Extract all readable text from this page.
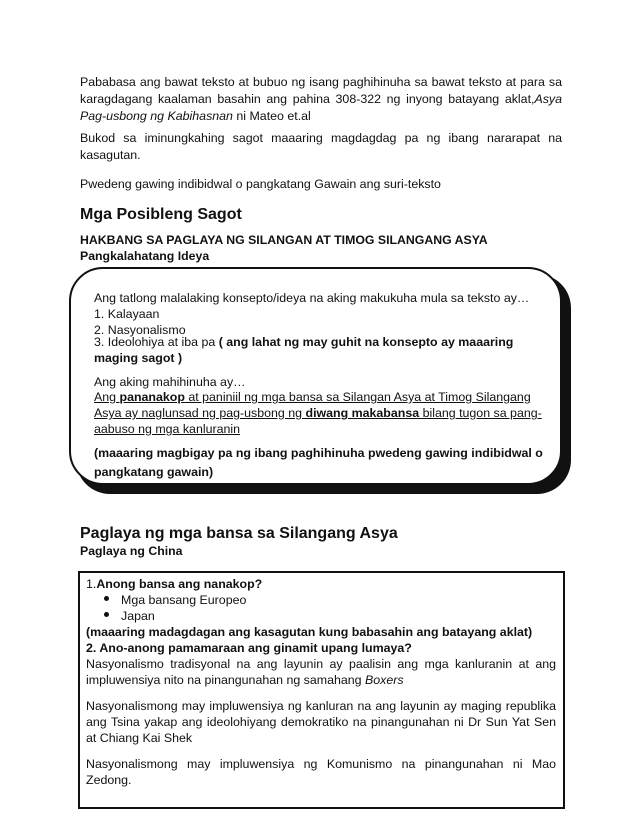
Pababasa ang bawat teksto at bubuo ng isang paghihinuha sa bawat teksto at para sa karagdagang kaalaman basahin ang pahina 308-322 ng inyong batayang aklat,Asya Pag-usbong ng Kabihasnan ni Mateo et.al

Bukod sa iminungkahing sagot maaaring magdagdag pa ng ibang nararapat na kasagutan.

Pwedeng gawing indibidwal o pangkatang Gawain ang suri-teksto

Mga Posibleng Sagot
HAKBANG SA PAGLAYA NG SILANGAN AT TIMOG SILANGANG ASYA
Pangkalahatang Ideya
Ang tatlong malalaking konsepto/ideya na aking makukuha mula sa teksto ay…
1. Kalayaan
2. Nasyonalismo
3. Ideolohiya at iba pa ( ang lahat ng may guhit na konsepto ay maaaring maging sagot )
Ang aking mahihinuha ay…
Ang pananakop at paniniil ng mga bansa sa Silangan Asya at Timog Silangang Asya ay naglunsad ng pag-usbong ng diwang makabansa bilang tugon sa pang-aabuso ng mga kanluranin
(maaaring magbigay pa ng ibang paghihinuha pwedeng gawing indibidwal o pangkatang gawain)
Paglaya ng mga bansa sa Silangang Asya
Paglaya ng China
1.Anong bansa ang nanakop?
Mga bansang Europeo
Japan
(maaaring madagdagan ang kasagutan kung babasahin ang batayang aklat)
2. Ano-anong pamamaraan ang ginamit upang lumaya?
Nasyonalismo tradisyonal na ang layunin ay paalisin ang mga kanluranin at ang impluwensiya nito na pinangunahan ng samahang Boxers
Nasyonalismong may impluwensiya ng kanluran na ang layunin ay maging republika ang Tsina yakap ang ideolohiyang demokratiko na pinangunahan ni Dr Sun Yat Sen at Chiang Kai Shek
Nasyonalismong may impluwensiya ng Komunismo na pinangunahan ni Mao Zedong.
